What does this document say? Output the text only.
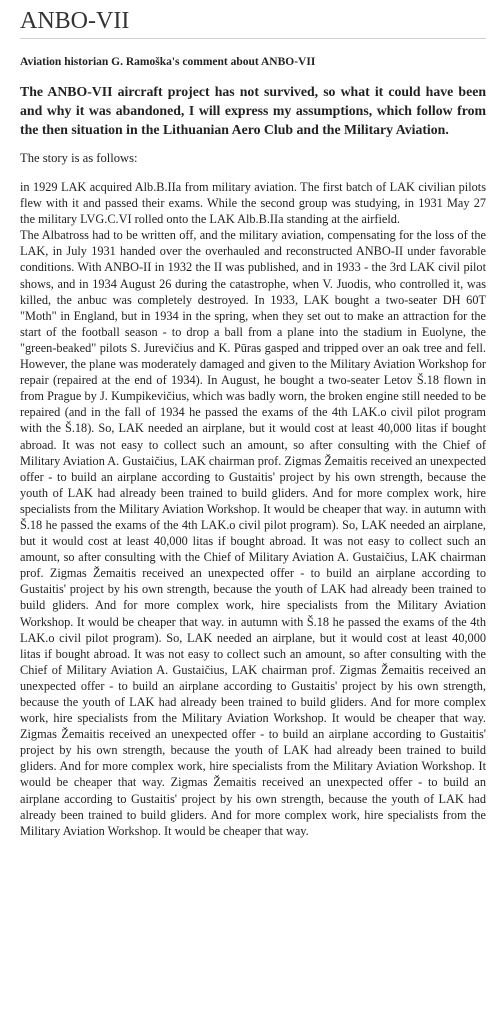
ANBO-VII
Aviation historian G. Ramoška's comment about ANBO-VII

The ANBO-VII aircraft project has not survived, so what it could have been and why it was abandoned, I will express my assumptions, which follow from the then situation in the Lithuanian Aero Club and the Military Aviation.

The story is as follows:

in 1929 LAK acquired Alb.B.IIa from military aviation. The first batch of LAK civilian pilots flew with it and passed their exams. While the second group was studying, in 1931 May 27 the military LVG.C.VI rolled onto the LAK Alb.B.IIa standing at the airfield.

The Albatross had to be written off, and the military aviation, compensating for the loss of the LAK, in July 1931 handed over the overhauled and reconstructed ANBO-II under favorable conditions. With ANBO-II in 1932 the II was published, and in 1933 - the 3rd LAK civil pilot shows, and in 1934 August 26 during the catastrophe, when V. Juodis, who controlled it, was killed, the anbuc was completely destroyed. In 1933, LAK bought a two-seater DH 60T "Moth" in England, but in 1934 in the spring, when they set out to make an attraction for the start of the football season - to drop a ball from a plane into the stadium in Euolyne, the "green-beaked" pilots S. Jurevičius and K. Pūras gasped and tripped over an oak tree and fell. However, the plane was moderately damaged and given to the Military Aviation Workshop for repair (repaired at the end of 1934). In August, he bought a two-seater Letov Š.18 flown in from Prague by J. Kumpikevičius, which was badly worn, the broken engine still needed to be repaired (and in the fall of 1934 he passed the exams of the 4th LAK.o civil pilot program with the Š.18). So, LAK needed an airplane, but it would cost at least 40,000 litas if bought abroad. It was not easy to collect such an amount, so after consulting with the Chief of Military Aviation A. Gustaičius, LAK chairman prof. Zigmas Žemaitis received an unexpected offer - to build an airplane according to Gustaitis' project by his own strength, because the youth of LAK had already been trained to build gliders. And for more complex work, hire specialists from the Military Aviation Workshop. It would be cheaper that way. in autumn with Š.18 he passed the exams of the 4th LAK.o civil pilot program). So, LAK needed an airplane, but it would cost at least 40,000 litas if bought abroad. It was not easy to collect such an amount, so after consulting with the Chief of Military Aviation A. Gustaičius, LAK chairman prof. Zigmas Žemaitis received an unexpected offer - to build an airplane according to Gustaitis' project by his own strength, because the youth of LAK had already been trained to build gliders. And for more complex work, hire specialists from the Military Aviation Workshop. It would be cheaper that way. in autumn with Š.18 he passed the exams of the 4th LAK.o civil pilot program). So, LAK needed an airplane, but it would cost at least 40,000 litas if bought abroad. It was not easy to collect such an amount, so after consulting with the Chief of Military Aviation A. Gustaičius, LAK chairman prof. Zigmas Žemaitis received an unexpected offer - to build an airplane according to Gustaitis' project by his own strength, because the youth of LAK had already been trained to build gliders. And for more complex work, hire specialists from the Military Aviation Workshop. It would be cheaper that way. Zigmas Žemaitis received an unexpected offer - to build an airplane according to Gustaitis' project by his own strength, because the youth of LAK had already been trained to build gliders. And for more complex work, hire specialists from the Military Aviation Workshop. It would be cheaper that way. Zigmas Žemaitis received an unexpected offer - to build an airplane according to Gustaitis' project by his own strength, because the youth of LAK had already been trained to build gliders. And for more complex work, hire specialists from the Military Aviation Workshop. It would be cheaper that way.
